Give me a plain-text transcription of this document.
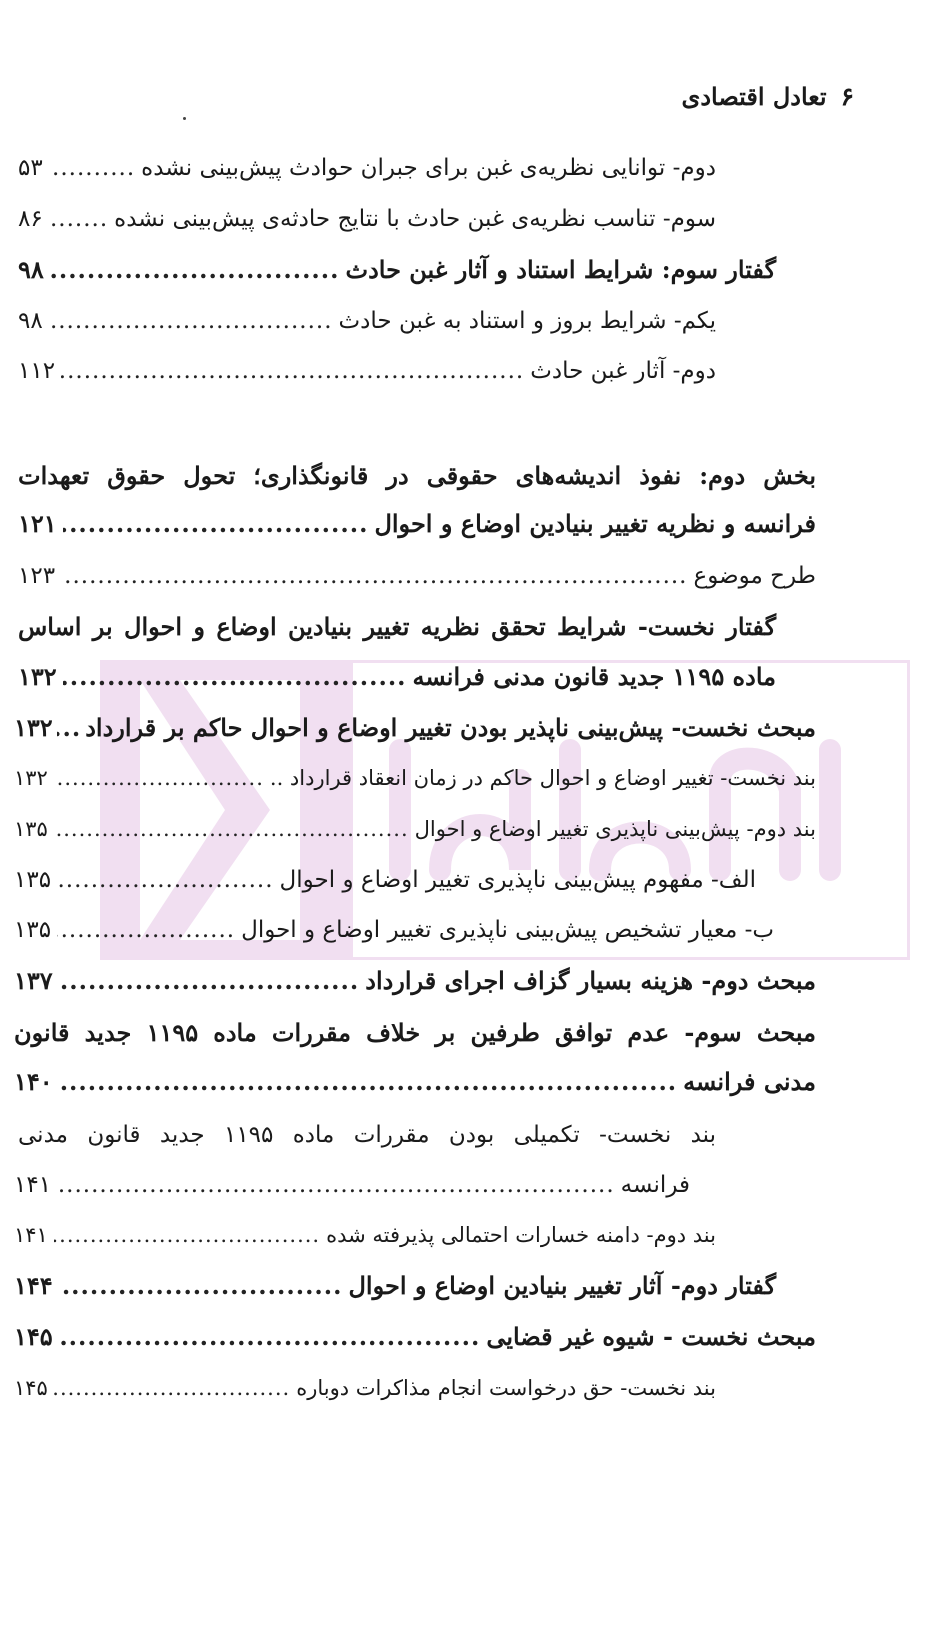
۶
تعادل اقتصادی
دوم- توانایی نظریه‌ی غبن برای جبران حوادث پیش‌بینی نشده
.....
۵۳
سوم- تناسب نظریه‌ی غبن حادث با نتایج حادثه‌ی پیش‌بینی نشده
.....
۸۶
گفتار سوم: شرایط استناد و آثار غبن حادث
.....
۹۸
یکم- شرایط بروز و استناد به غبن حادث
.....
۹۸
دوم- آثار غبن حادث
.....
۱۱۲
بخش دوم: نفوذ اندیشه‌های حقوقی در قانونگذاری؛ تحول حقوق تعهدات
فرانسه و نظریه تغییر بنیادین اوضاع و احوال
.....
۱۲۱
طرح موضوع
.....
۱۲۳
گفتار نخست- شرایط تحقق نظریه تغییر بنیادین اوضاع و احوال بر اساس
ماده ۱۱۹۵ جدید قانون مدنی فرانسه
.....
۱۳۲
مبحث نخست- پیش‌بینی ناپذیر بودن تغییر اوضاع و احوال حاکم بر قرارداد
.....
۱۳۲
بند نخست- تغییر اوضاع و احوال حاکم در زمان انعقاد قرارداد ..
.....
۱۳۲
بند دوم- پیش‌بینی ناپذیری تغییر اوضاع و احوال
.....
۱۳۵
الف- مفهوم پیش‌بینی ناپذیری تغییر اوضاع و احوال
.....
۱۳۵
ب- معیار تشخیص پیش‌بینی ناپذیری تغییر اوضاع و احوال
.....
۱۳۵
مبحث دوم- هزینه بسیار گزاف اجرای قرارداد
.....
۱۳۷
مبحث سوم- عدم توافق طرفین بر خلاف مقررات ماده ۱۱۹۵ جدید قانون
مدنی فرانسه
.....
۱۴۰
بند نخست- تکمیلی بودن مقررات ماده ۱۱۹۵ جدید قانون مدنی
فرانسه
.....
۱۴۱
بند دوم- دامنه خسارات احتمالی پذیرفته شده
.....
۱۴۱
گفتار دوم- آثار تغییر بنیادین اوضاع و احوال
.....
۱۴۴
مبحث نخست - شیوه غیر قضایی
.....
۱۴۵
بند نخست- حق درخواست انجام مذاکرات دوباره
.....
۱۴۵
